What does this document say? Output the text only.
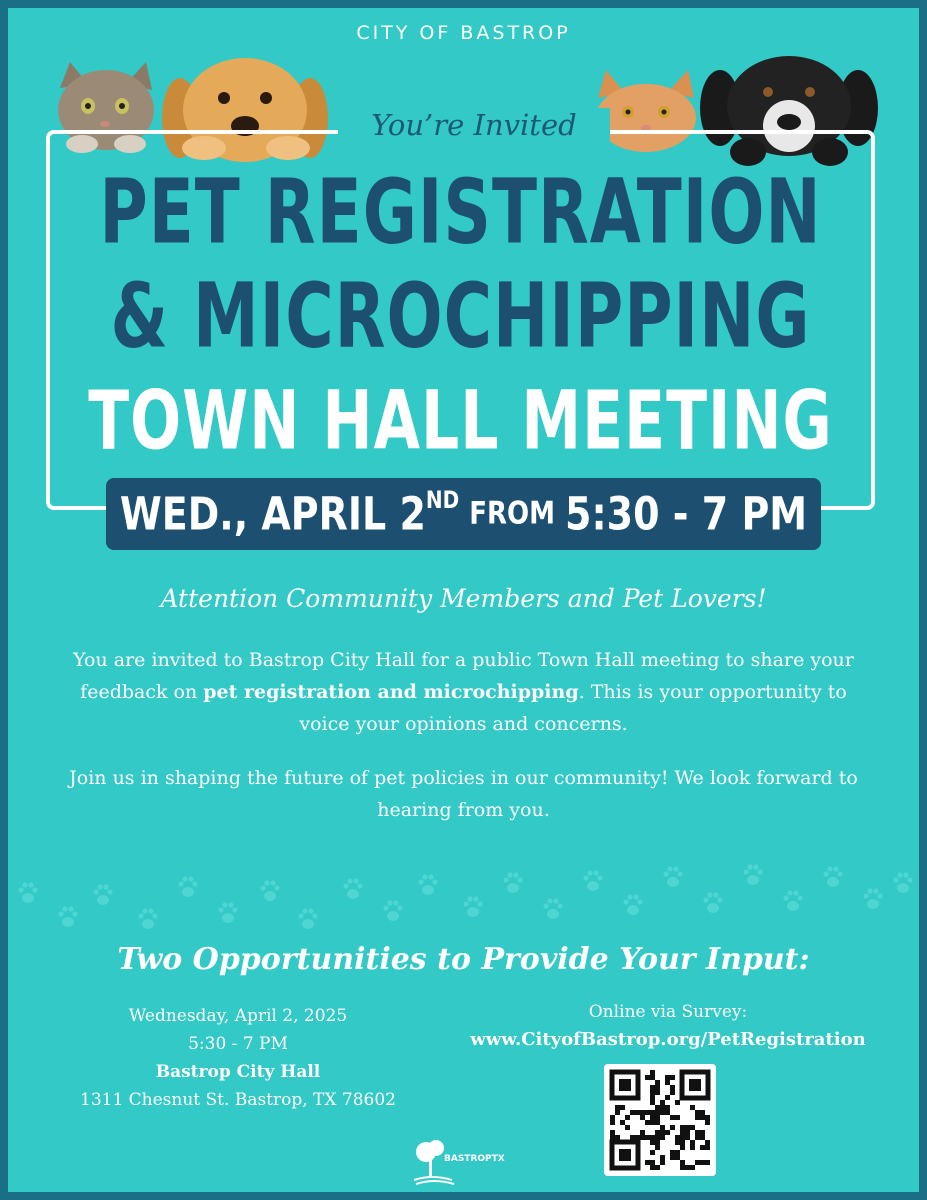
CITY OF BASTROP
You’re Invited
PET REGISTRATION
& MICROCHIPPING
TOWN HALL MEETING
WED., APRIL 2ND FROM 5:30 - 7 PM
Attention Community Members and Pet Lovers!
You are invited to Bastrop City Hall for a public Town Hall meeting to share your feedback on pet registration and microchipping. This is your opportunity to voice your opinions and concerns.
Join us in shaping the future of pet policies in our community! We look forward to hearing from you.
Two Opportunities to Provide Your Input:
Wednesday, April 2, 2025
5:30 - 7 PM
Bastrop City Hall
1311 Chesnut St. Bastrop, TX 78602
Online via Survey:
www.CityofBastrop.org/PetRegistration
BASTROPTX
